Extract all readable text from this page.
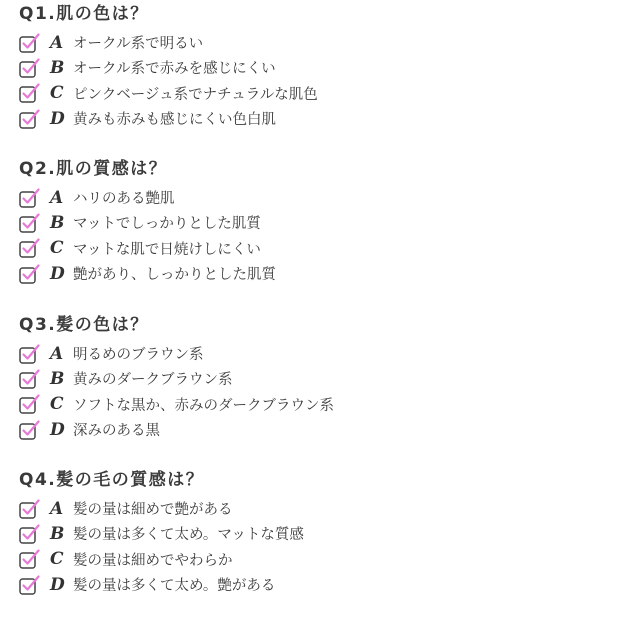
Q1.肌の色は？
A オークル系で明るい
B オークル系で赤みを感じにくい
C ピンクベージュ系でナチュラルな肌色
D 黄みも赤みも感じにくい色白肌
Q2.肌の質感は？
A ハリのある艶肌
B マットでしっかりとした肌質
C マットな肌で日焼けしにくい
D 艶があり、しっかりとした肌質
Q3.髪の色は？
A 明るめのブラウン系
B 黄みのダークブラウン系
C ソフトな黒か、赤みのダークブラウン系
D 深みのある黒
Q4.髪の毛の質感は？
A 髪の量は細めで艶がある
B 髪の量は多くて太め。マットな質感
C 髪の量は細めでやわらか
D 髪の量は多くて太め。艶がある
